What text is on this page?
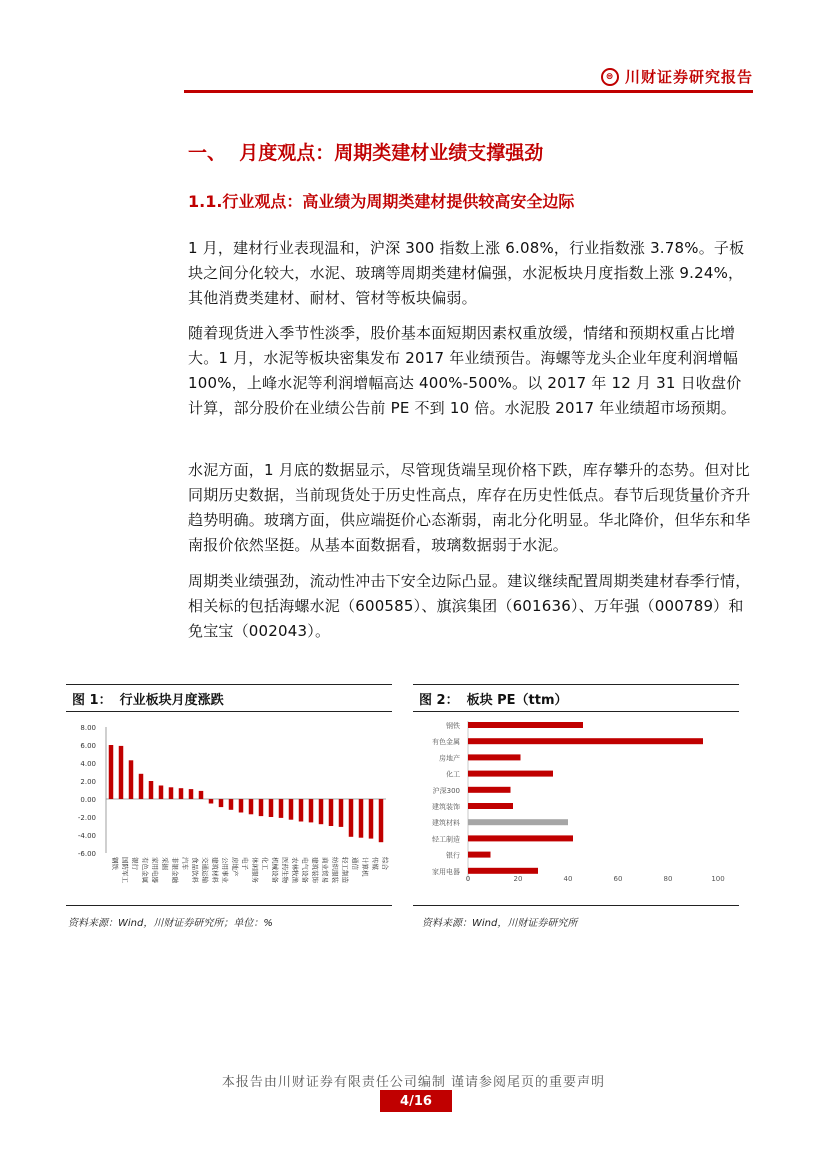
⊜ 川财证券研究报告
一、  月度观点：周期类建材业绩支撑强劲
1.1.行业观点：高业绩为周期类建材提供较高安全边际
1 月，建材行业表现温和，沪深 300 指数上涨 6.08%，行业指数涨 3.78%。子板块之间分化较大，水泥、玻璃等周期类建材偏强，水泥板块月度指数上涨 9.24%，其他消费类建材、耐材、管材等板块偏弱。
随着现货进入季节性淡季，股价基本面短期因素权重放缓，情绪和预期权重占比增大。1 月，水泥等板块密集发布 2017 年业绩预告。海螺等龙头企业年度利润增幅 100%，上峰水泥等利润增幅高达 400%-500%。以 2017 年 12 月 31 日收盘价计算，部分股价在业绩公告前 PE 不到 10 倍。水泥股 2017 年业绩超市场预期。
水泥方面，1 月底的数据显示，尽管现货端呈现价格下跌，库存攀升的态势。但对比同期历史数据，当前现货处于历史性高点，库存在历史性低点。春节后现货量价齐升趋势明确。玻璃方面，供应端挺价心态渐弱，南北分化明显。华北降价，但华东和华南报价依然坚挺。从基本面数据看，玻璃数据弱于水泥。
周期类业绩强劲，流动性冲击下安全边际凸显。建议继续配置周期类建材春季行情，相关标的包括海螺水泥（600585）、旗滨集团（601636）、万年强（000789）和免宝宝（002043）。
图 1： 行业板块月度涨跌
8.00
6.00
4.00
2.00
0.00
-2.00
-4.00
-6.00
钢铁 国防军工 银行 有色金属 家用电器 采掘 非银金融 汽车 食品饮料 交通运输 建筑材料 公用事业 房地产 电子 休闲服务 化工 机械设备 医药生物 农林牧渔 电气设备 建筑装饰 商业贸易 纺织服装 轻工制造 通信 计算机 传媒 综合
资料来源：Wind，川财证券研究所；单位：%
图 2： 板块 PE（ttm）
钢铁
有色金属
房地产
化工
沪深300
建筑装饰
建筑材料
轻工制造
银行
家用电器
0	20	40	60	80	100
资料来源：Wind，川财证券研究所
本报告由川财证券有限责任公司编制 谨请参阅尾页的重要声明
4/16
